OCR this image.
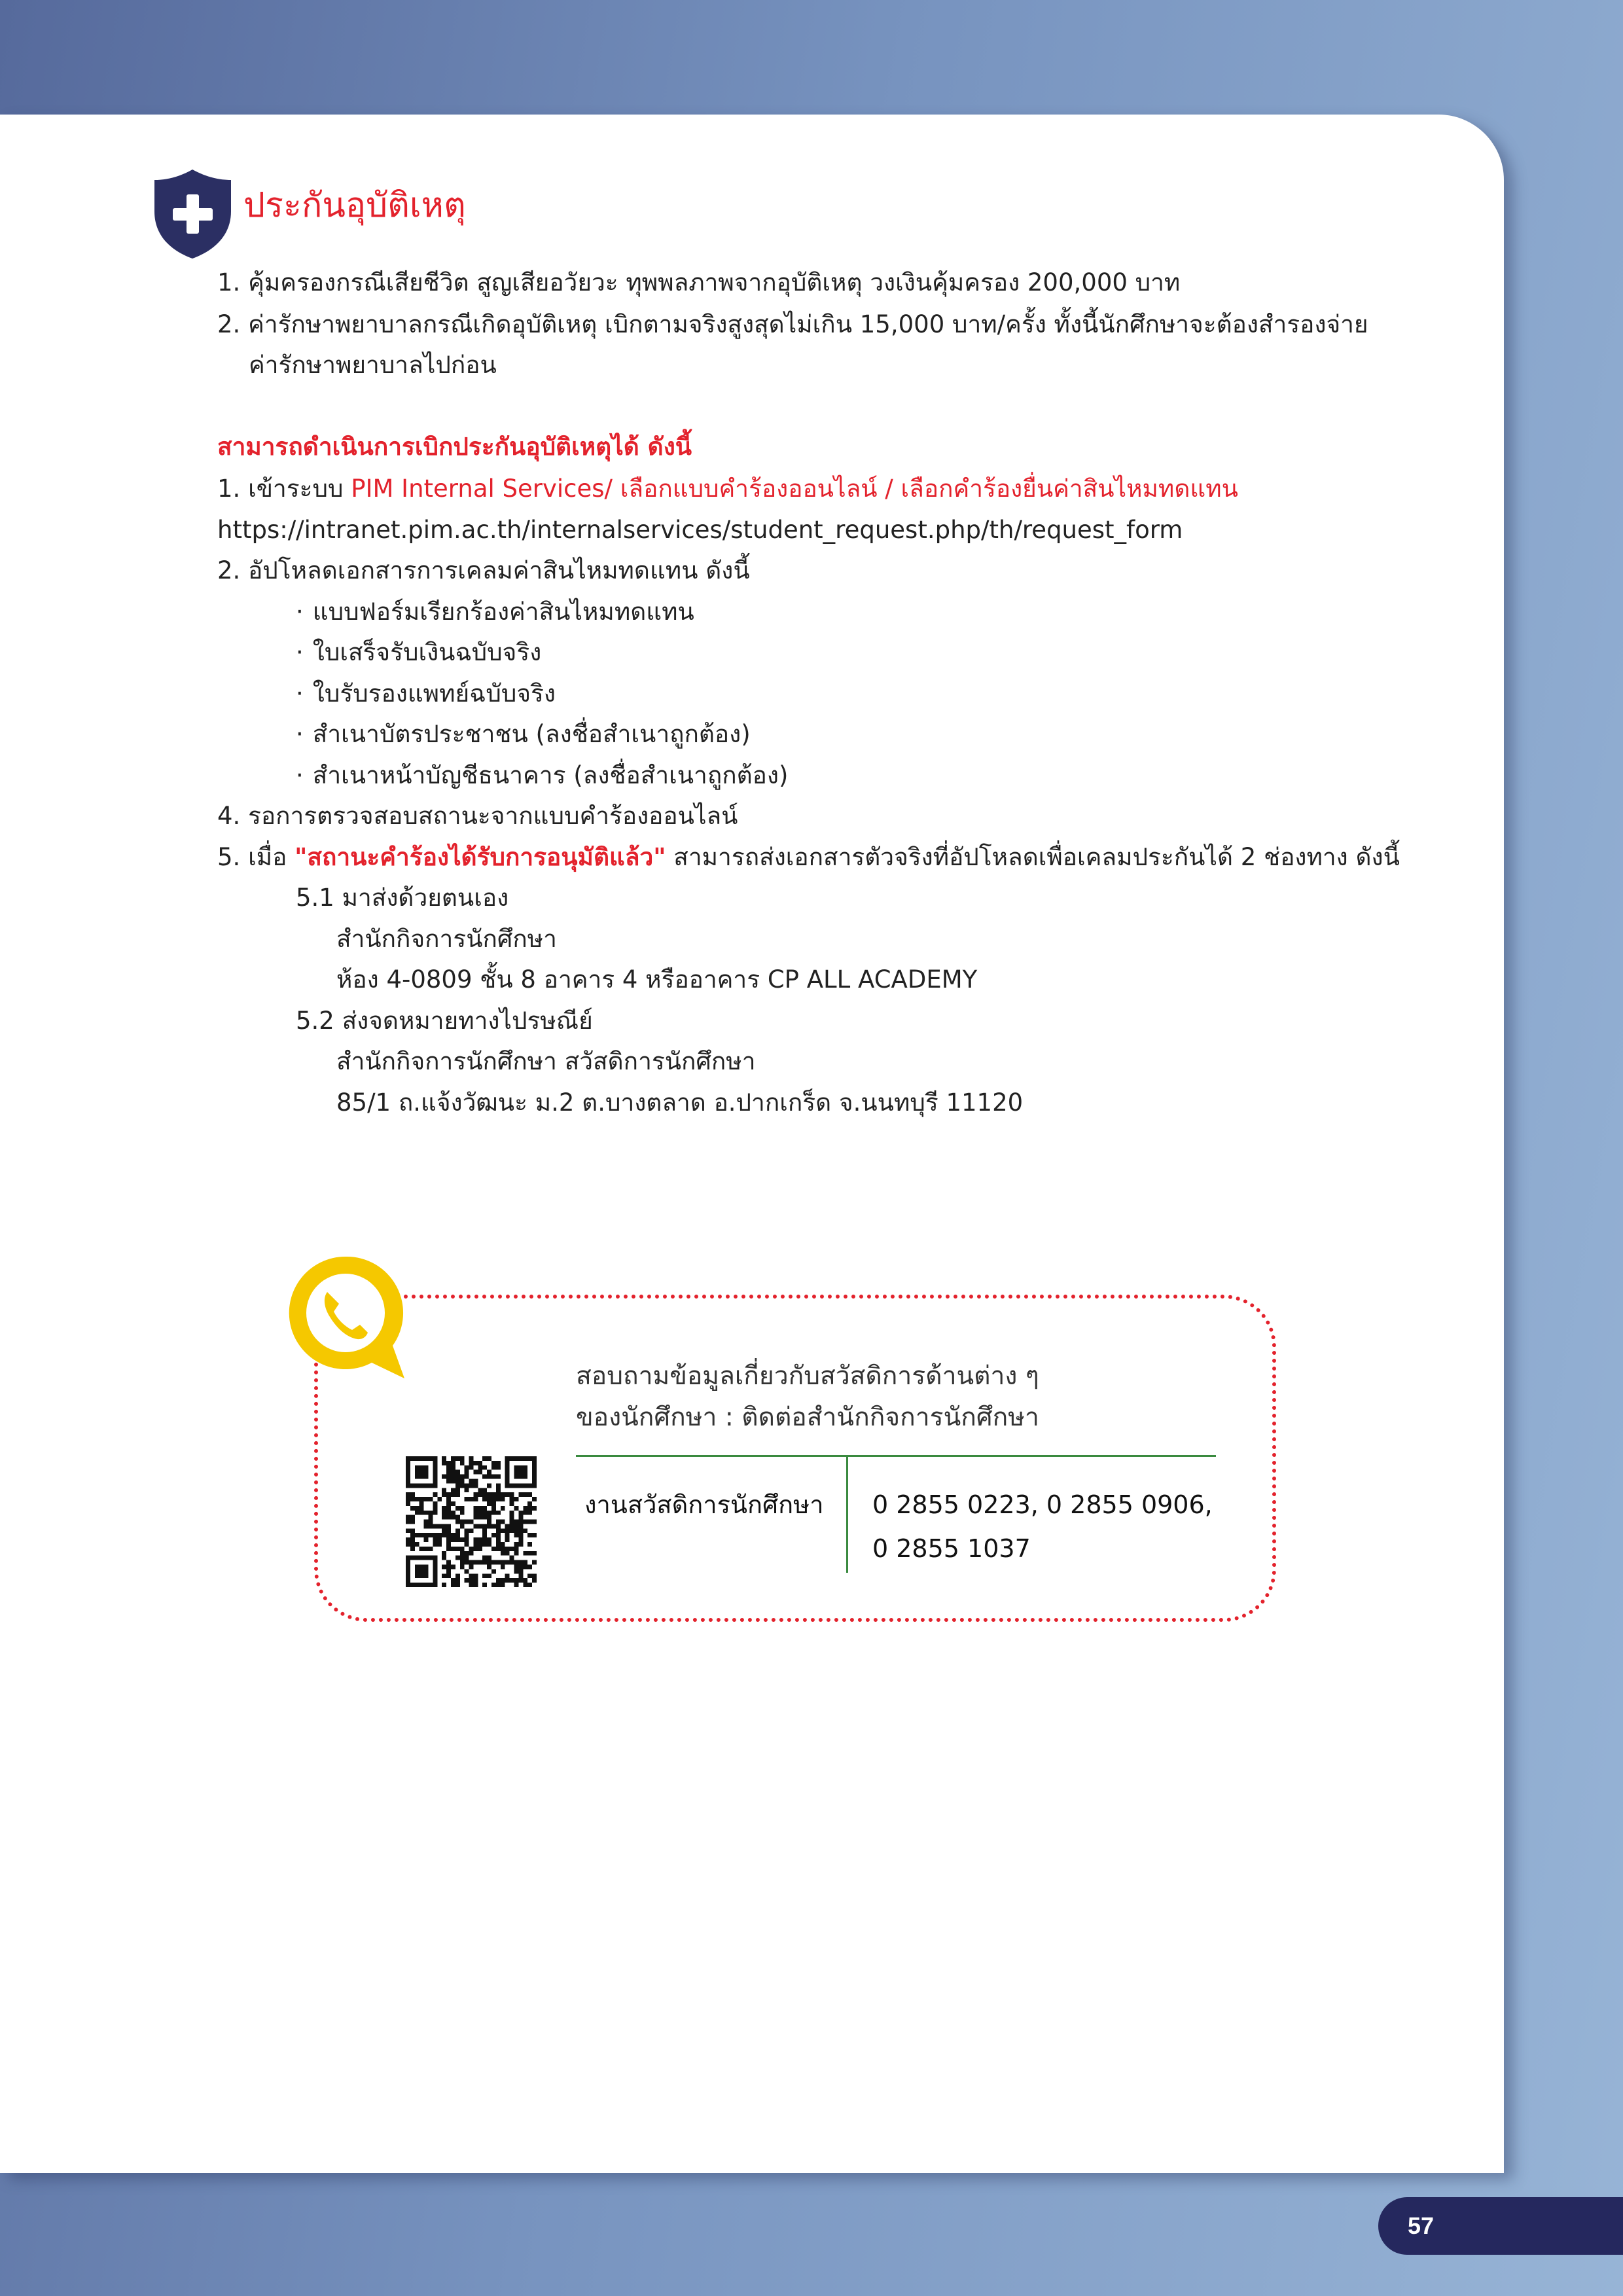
ประกันอุบัติเหตุ
1. คุ้มครองกรณีเสียชีวิต สูญเสียอวัยวะ ทุพพลภาพจากอุบัติเหตุ วงเงินคุ้มครอง 200,000 บาท
2. ค่ารักษาพยาบาลกรณีเกิดอุบัติเหตุ เบิกตามจริงสูงสุดไม่เกิน 15,000 บาท/ครั้ง ทั้งนี้นักศึกษาจะต้องสำรองจ่าย
ค่ารักษาพยาบาลไปก่อน
สามารถดำเนินการเบิกประกันอุบัติเหตุได้ ดังนี้
1. เข้าระบบ PIM Internal Services/ เลือกแบบคำร้องออนไลน์ / เลือกคำร้องยื่นค่าสินไหมทดแทน
https://intranet.pim.ac.th/internalservices/student_request.php/th/request_form
2. อัปโหลดเอกสารการเคลมค่าสินไหมทดแทน ดังนี้
· แบบฟอร์มเรียกร้องค่าสินไหมทดแทน
· ใบเสร็จรับเงินฉบับจริง
· ใบรับรองแพทย์ฉบับจริง
· สำเนาบัตรประชาชน (ลงชื่อสำเนาถูกต้อง)
· สำเนาหน้าบัญชีธนาคาร (ลงชื่อสำเนาถูกต้อง)
4. รอการตรวจสอบสถานะจากแบบคำร้องออนไลน์
5. เมื่อ "สถานะคำร้องได้รับการอนุมัติแล้ว" สามารถส่งเอกสารตัวจริงที่อัปโหลดเพื่อเคลมประกันได้ 2 ช่องทาง ดังนี้
5.1 มาส่งด้วยตนเอง
สำนักกิจการนักศึกษา
ห้อง 4-0809 ชั้น 8 อาคาร 4 หรืออาคาร CP ALL ACADEMY
5.2 ส่งจดหมายทางไปรษณีย์
สำนักกิจการนักศึกษา สวัสดิการนักศึกษา
85/1 ถ.แจ้งวัฒนะ ม.2 ต.บางตลาด อ.ปากเกร็ด จ.นนทบุรี 11120
สอบถามข้อมูลเกี่ยวกับสวัสดิการด้านต่าง ๆ
ของนักศึกษา : ติดต่อสำนักกิจการนักศึกษา
งานสวัสดิการนักศึกษา 0 2855 0223, 0 2855 0906,
0 2855 1037
57
